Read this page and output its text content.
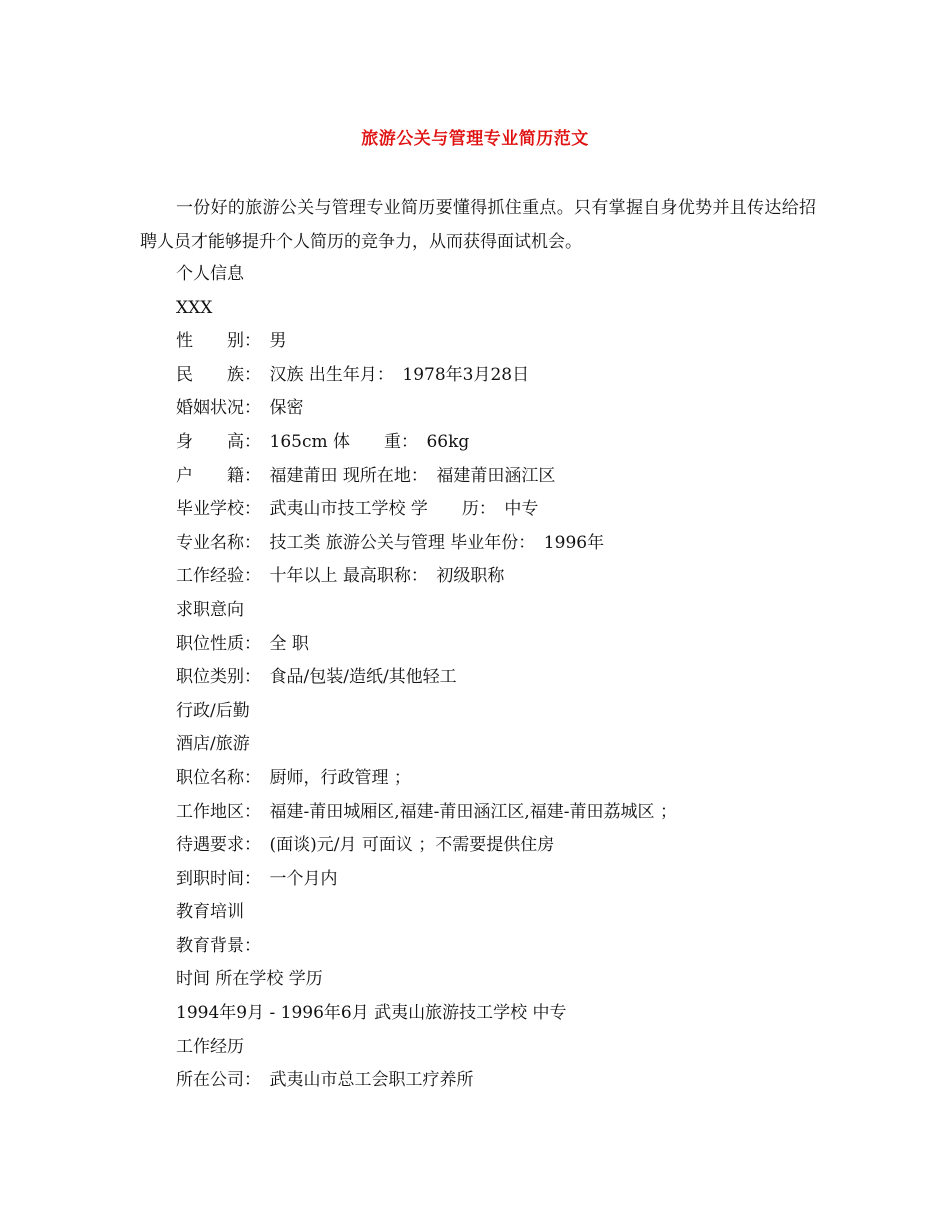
旅游公关与管理专业简历范文

一份好的旅游公关与管理专业简历要懂得抓住重点。只有掌握自身优势并且传达给招聘人员才能够提升个人简历的竞争力，从而获得面试机会。

个人信息
XXX
性　　别：　男
民　　族：　汉族 出生年月：　1978年3月28日
婚姻状况：　保密
身　　高：　165cm 体　　重：　66kg
户　　籍：　福建莆田 现所在地：　福建莆田涵江区
毕业学校：　武夷山市技工学校 学　　历：　中专
专业名称：　技工类 旅游公关与管理 毕业年份：　1996年
工作经验：　十年以上 最高职称：　初级职称
求职意向
职位性质：　全 职
职位类别：　食品/包装/造纸/其他轻工
行政/后勤
酒店/旅游
职位名称：　厨师，行政管理 ；
工作地区：　福建-莆田城厢区,福建-莆田涵江区,福建-莆田荔城区 ；
待遇要求：　(面谈)元/月 可面议 ；不需要提供住房
到职时间：　一个月内
教育培训
教育背景：
时间 所在学校 学历
1994年9月 - 1996年6月 武夷山旅游技工学校 中专
工作经历
所在公司：　武夷山市总工会职工疗养所
